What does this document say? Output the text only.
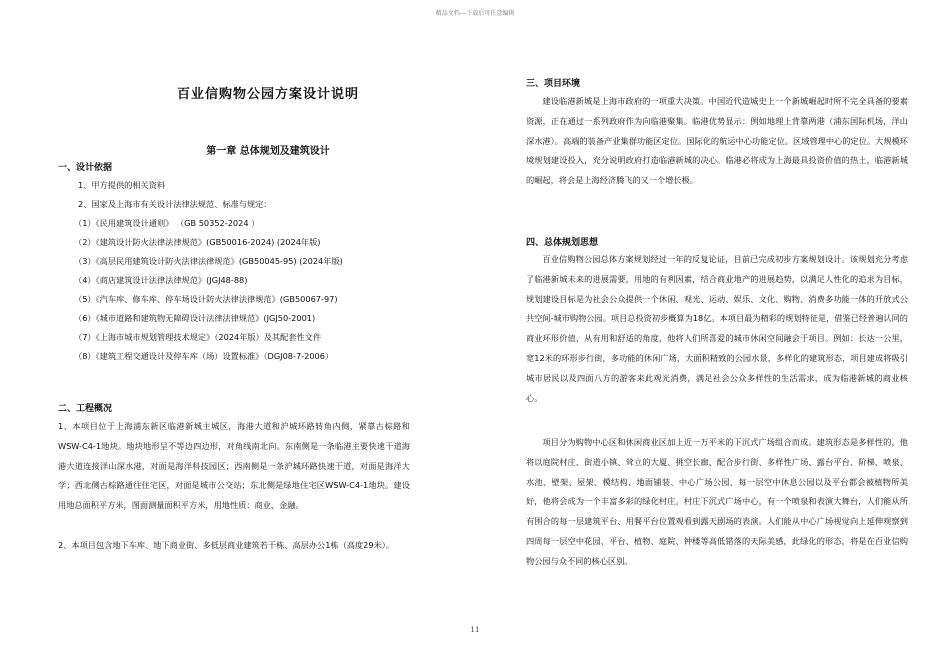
精品文档---下载后可任意编辑
百业信购物公园方案设计说明
第一章 总体规划及建筑设计
一、设计依据
1、甲方提供的相关资料
2、国家及上海市有关设计法律法规范、标准与规定：
（1）《民用建筑设计通则》 （GB 50352-2024 ）
（2）《建筑设计防火法律法律规范》(GB50016-2024) (2024年版)
（3）《高层民用建筑设计防火法律法律规范》(GB50045-95) (2024年版)
（4）《商店建筑设计法律法律规范》(JGJ48-88)
（5）《汽车库、修车库、停车场设计防火法律法律规范》(GB50067-97)
（6）《城市道路和建筑物无障碍设计法律法律规范》(JGJ50-2001)
（7）《上海市城市规划管理技术规定》（2024年版）及其配套性文件
（8）《建筑工程交通设计及停车库（场）设置标准》（DGJ08-7-2006）
二、工程概况
1、本项目位于上海浦东新区临港新城主城区，海港大道和沪城环路转角内侧，紧靠古棕路和WSW-C4-1地块。地块地形呈不等边四边形，对角线南北向。东南侧是一条临港主要快速干道海港大道连接洋山深水港，对面是海洋科技园区；西南侧是一条沪城环路快速干道，对面是海洋大学；西北侧古棕路通往住宅区，对面是城市公交站；东北侧是绿地住宅区WSW-C4-1地块。建设用地总面积平方米，图面测量面积平方米，用地性质：商业、金融。
2、本项目包含地下车库、地下商业街、多低层商业建筑若干栋、高层办公1栋（高度29米）。
三、项目环境
建设临港新城是上海市政府的一项重大决策。中国近代造城史上一个新城崛起时所不完全具备的要素资源，正在通过一系列政府作为向临港聚集。临港优势显示：例如地理上背靠两港（浦东国际机场，洋山深水港）。高端的装备产业集群功能区定位。国际化的航运中心功能定位。区域管理中心的定位。大规模环境规划建设投入，充分说明政府打造临港新城的决心。临港必将成为上海最具投资价值的热土，临港新城的崛起，将会是上海经济腾飞的又一个增长极。
四、总体规划思想
百业信购物公园总体方案规划经过一年的反复论证，目前已完成初步方案规划设计。该规划充分考虑了临港新城未来的进展需要，用地的有利因素，结合商业地产的进展趋势，以满足人性化的追求为目标，规划建设目标是为社会公众提供一个休闲、观光、运动、娱乐、文化、购物、消费多功能一体的开放式公共空间-城市购物公园。项目总投资初步概算为18亿。本项目最为精彩的规划特征是，借鉴已经普遍认同的商业环形价值，从有用和舒适的角度，他将人们所喜爱的城市休闲空间融会于项目。例如：长达一公里，宽12米的环形步行街，多功能的休闲广场，大面积精致的公园水景，多样化的建筑形态，项目建成将吸引城市居民以及四面八方的游客来此观光消费，满足社会公众多样性的生活需求，成为临港新城的商业核心。
项目分为购物中心区和休闲商业区加上近一万平米的下沉式广场组合而成。建筑形态是多样性的，他将以庭院村庄、街道小镇、耸立的大厦、挑空长廊、配合步行街、多样性广场、露台平台、阶梯、喷泉、水池、壁架、屋架、模结构、地面铺装、中心广场公园、每一层空中休息公园以及平台都会被植物所美好，他将会成为一个丰富多彩的绿化村庄。村庄下沉式广场中心，有一个喷泉和表演大舞台，人们能从所有围合的每一层建筑平台、用餐平台位置观看到露天剧场的表演。人们能从中心广场视觉向上延伸观察到四周每一层空中花园、平台、植物、庭院、钟楼等高低错落的天际美感，此绿化的形态，将是在百业信购物公园与众不同的核心区别。
11
